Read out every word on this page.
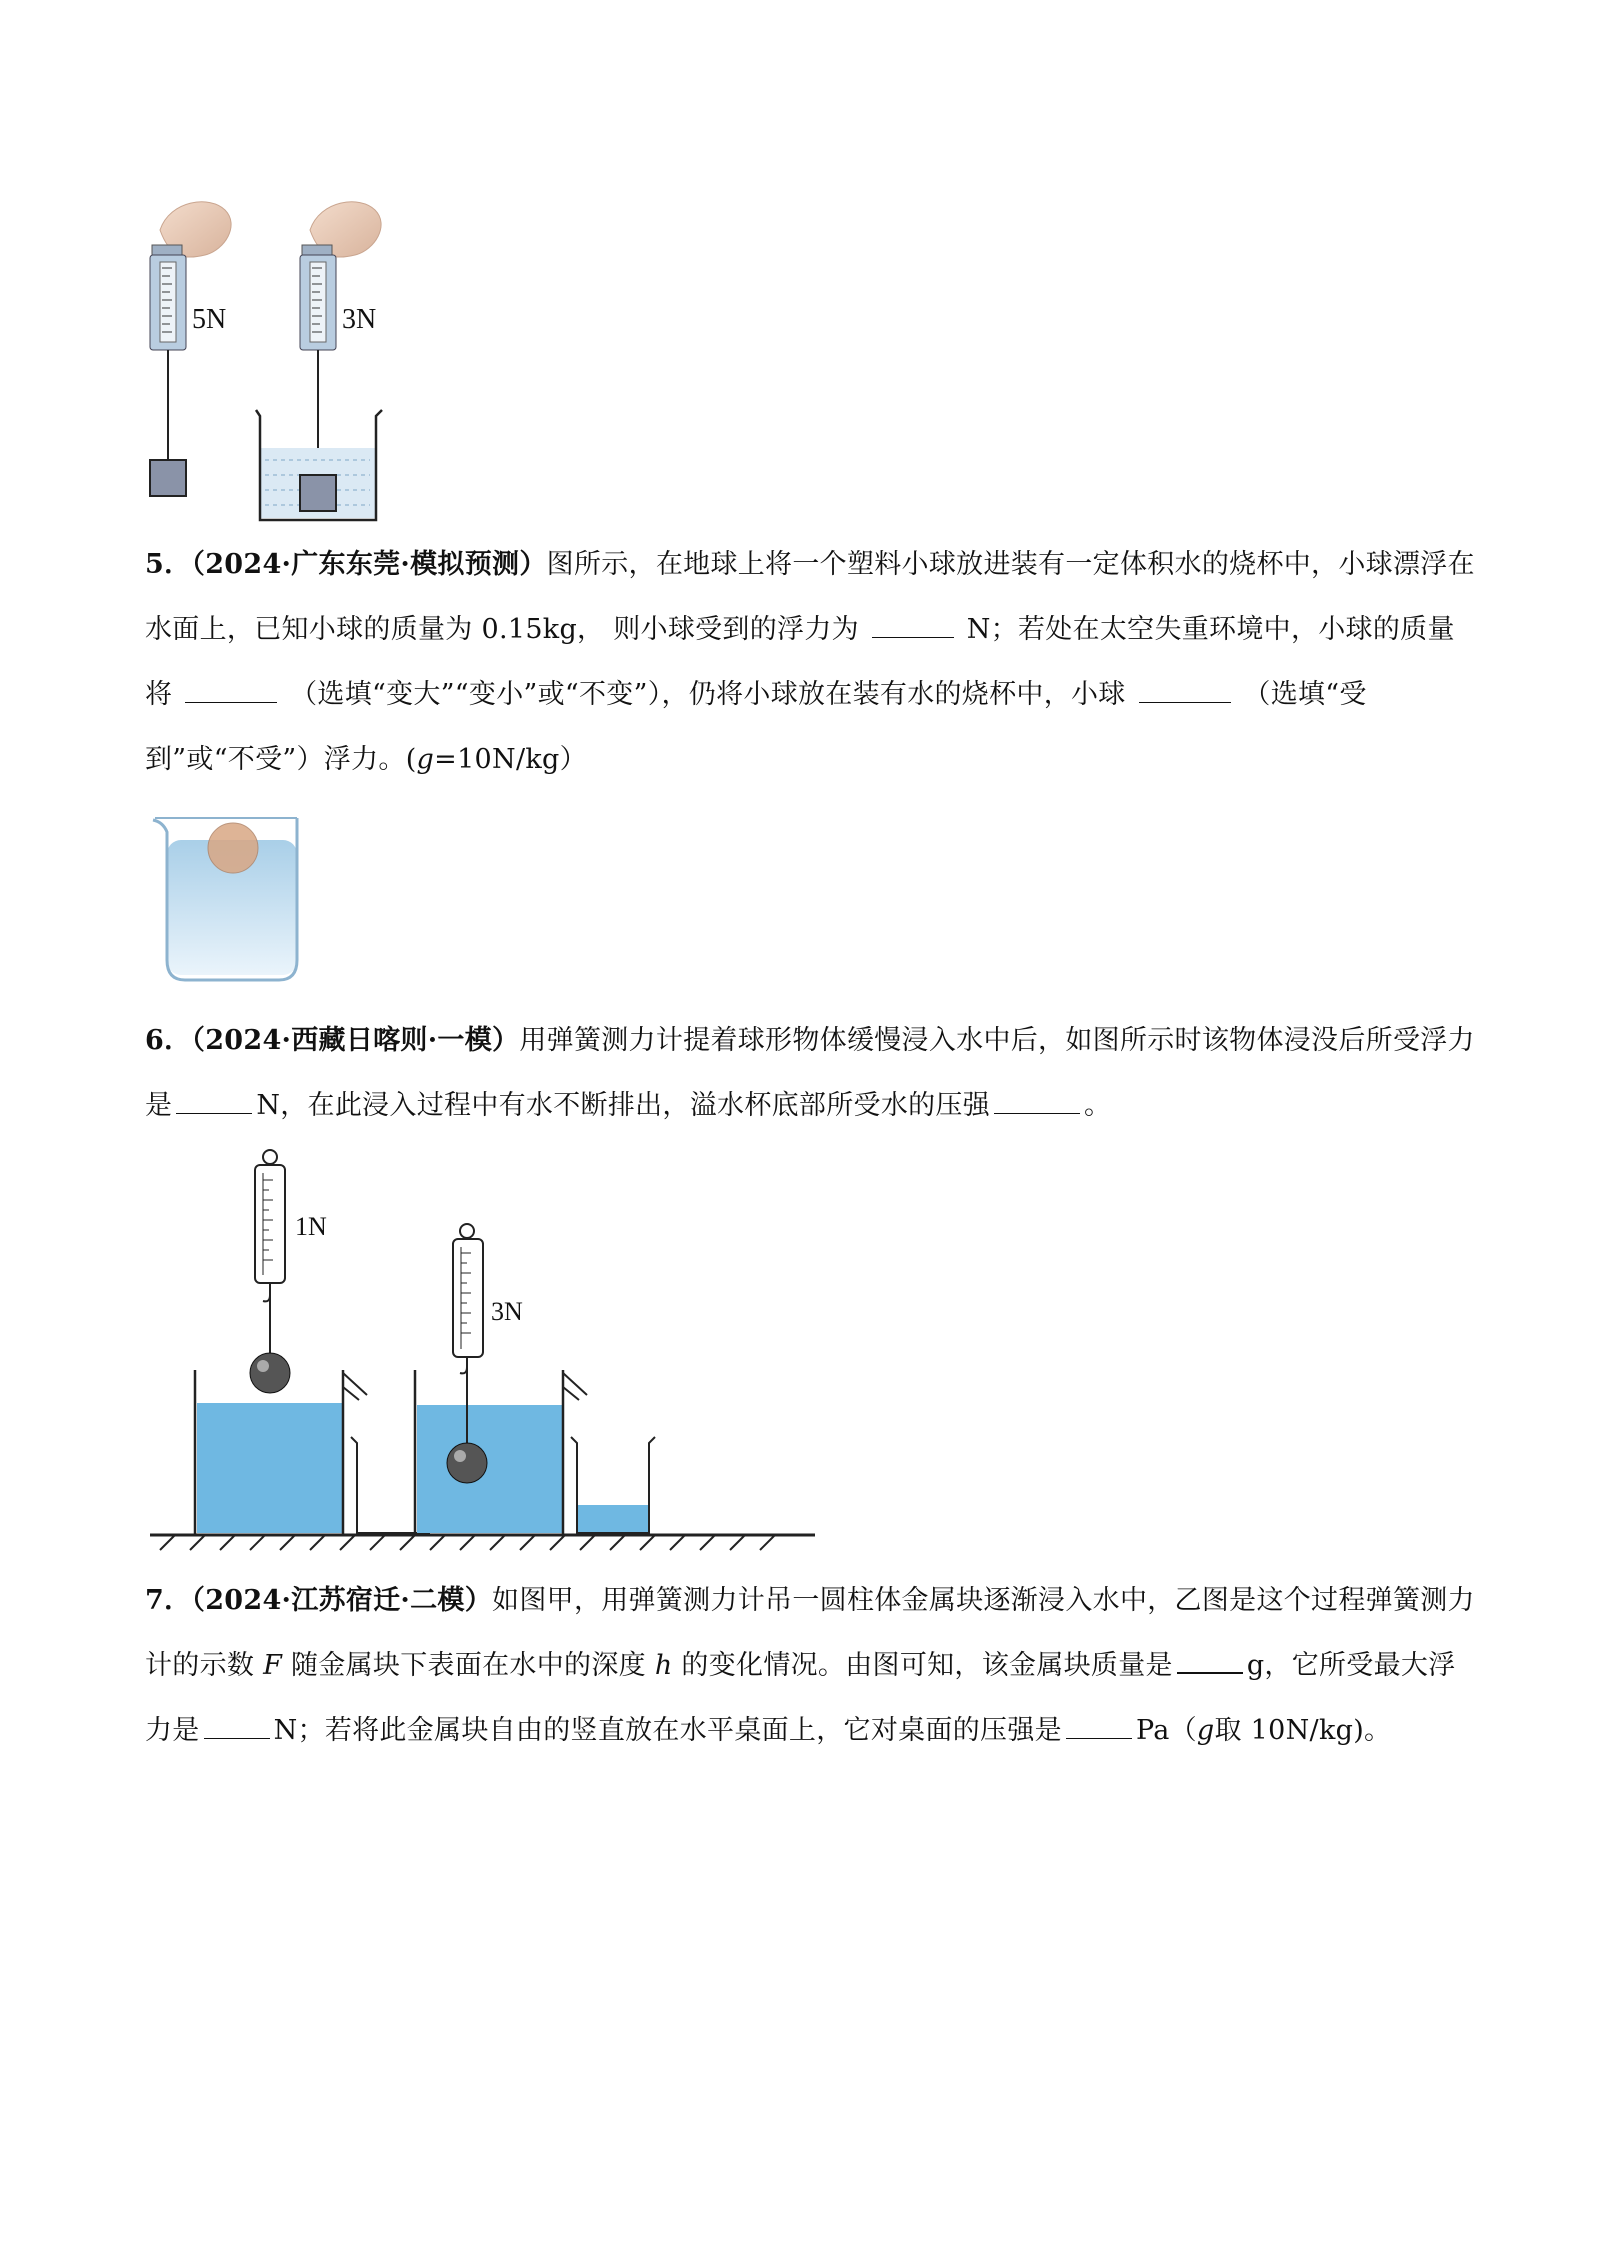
5N	3N

5．（2024·广东东莞·模拟预测）图所示，在地球上将一个塑料小球放进装有一定体积水的烧杯中，小球漂浮在水面上，已知小球的质量为 0.15kg， 则小球受到的浮力为	N；若处在太空失重环境中，小球的质量将	（选填“变大”“变小”或“不变”），仍将小球放在装有水的烧杯中，小球	（选填“受到”或“不受”）浮力。(g=10N/kg）

6．（2024·西藏日喀则·一模）用弹簧测力计提着球形物体缓慢浸入水中后，如图所示时该物体浸没后所受浮力是	N，在此浸入过程中有水不断排出，溢水杯底部所受水的压强	。

1N
3N

7．（2024·江苏宿迁·二模）如图甲，用弹簧测力计吊一圆柱体金属块逐渐浸入水中，乙图是这个过程弹簧测力计的示数 F 随金属块下表面在水中的深度 h 的变化情况。由图可知，该金属块质量是	g，它所受最大浮力是	N；若将此金属块自由的竖直放在水平桌面上，它对桌面的压强是	Pa（g取 10N/kg)。
